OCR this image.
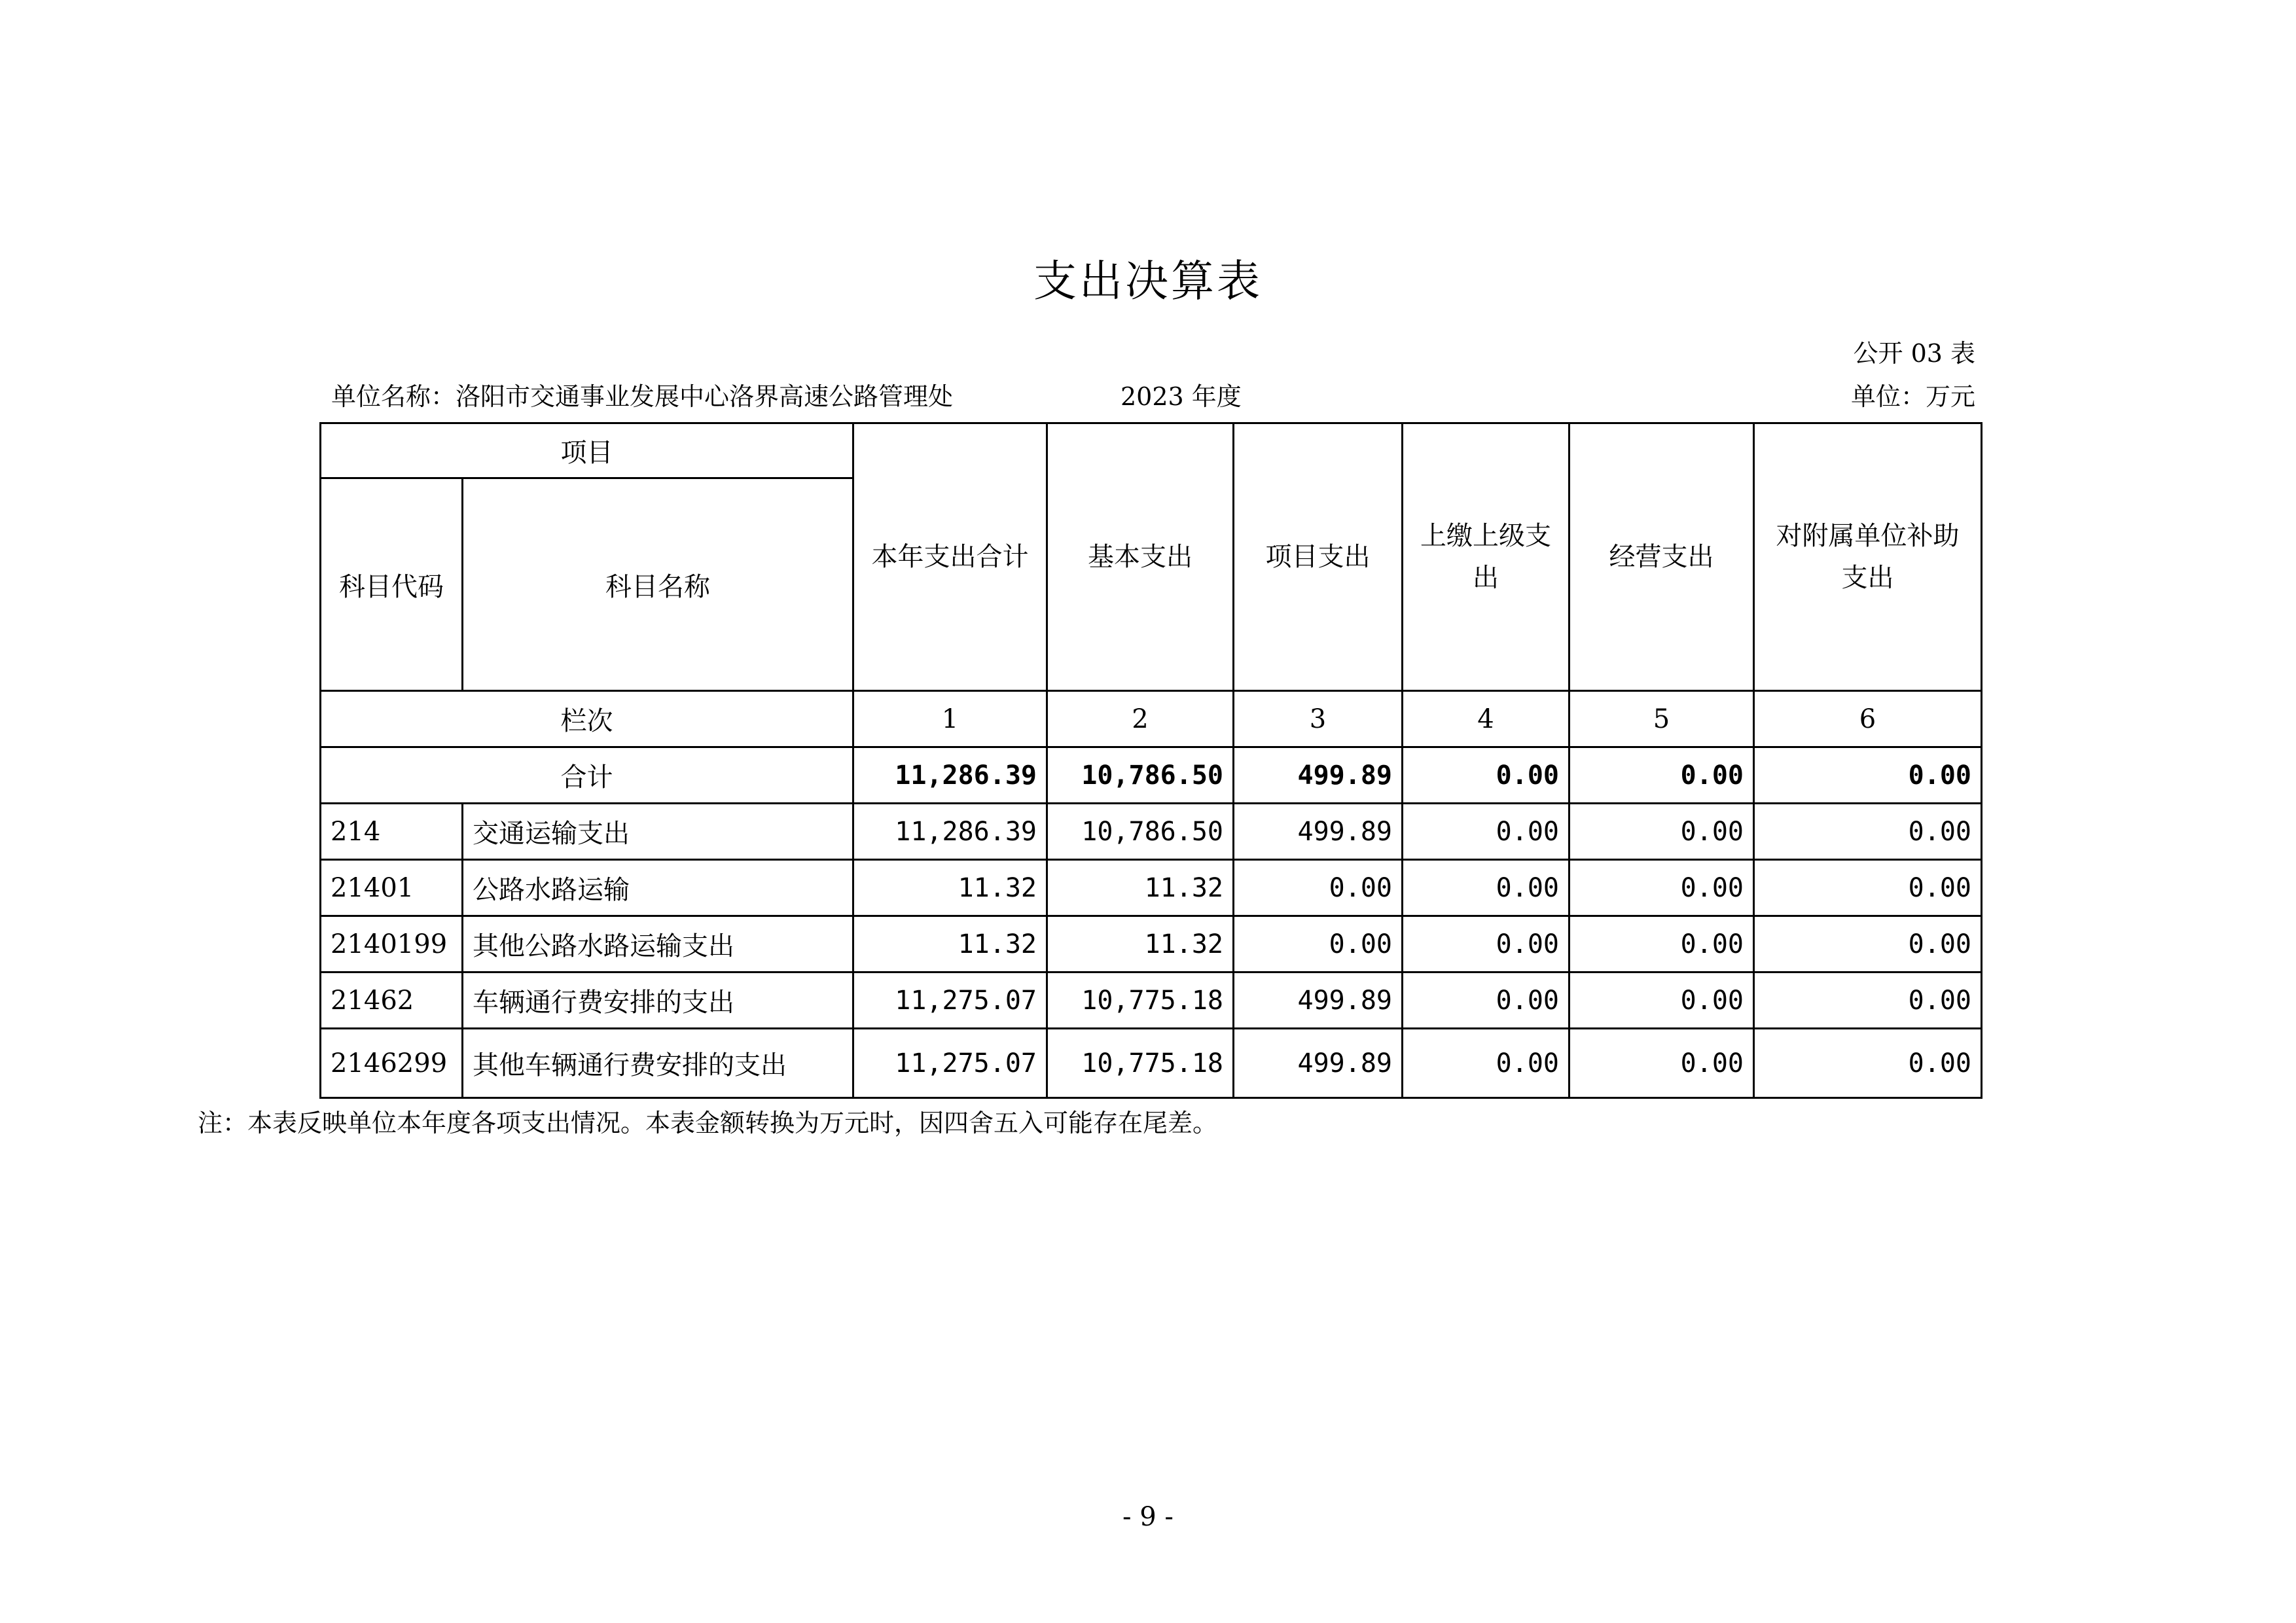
支出决算表
公开 03 表
单位名称：洛阳市交通事业发展中心洛界高速公路管理处	2023 年度	单位：万元
项目		本年支出合计	基本支出	项目支出	上缴上级支出	经营支出	对附属单位补助支出
科目代码	科目名称						
栏次		1	2	3	4	5	6
合计		11,286.39	10,786.50	499.89	0.00	0.00	0.00
214	交通运输支出	11,286.39	10,786.50	499.89	0.00	0.00	0.00
21401	公路水路运输	11.32	11.32	0.00	0.00	0.00	0.00
2140199	其他公路水路运输支出	11.32	11.32	0.00	0.00	0.00	0.00
21462	车辆通行费安排的支出	11,275.07	10,775.18	499.89	0.00	0.00	0.00
2146299	其他车辆通行费安排的支出	11,275.07	10,775.18	499.89	0.00	0.00	0.00
注：本表反映单位本年度各项支出情况。本表金额转换为万元时，因四舍五入可能存在尾差。
- 9 -
